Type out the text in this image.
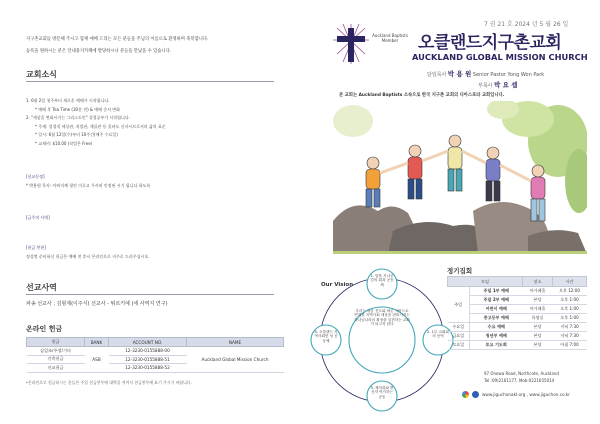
지구촌교회를 방문해 주시고 함께 예배 드리는 모든 분들을 주님의 이름으로 환영하며 축복합니다.

등록을 원하시는 분은 안내용지카페에 발당하시나 분들을 만났을 수 있습니다.

교회소식
1. 6월 2일 첫주부터 새로운 예배가 시작됩니다.
* 예배 후 Tea Time (30분 전) & 예배 순서 변화
2. "세상을 변화시키는 그리스도인" 성경공부가 시작됩니다.
* 주제: 성경적 세상관, 직업관, 재물관 등 올바도 신자시르로서의 삶의 표준
* 일시: 6월 12일(수)부터 10주간(매주 수요일)
* 교재비: $10.00 (작업은 Free)
[선교동정]
* 박용원 목사: 아버지께 평안 이루고 무사히 안정된 시기 됩니다 하도록
[금주의 사역]
[헌금 봉헌]
정성껏 준비하신 헌금은 예배 전 후시 온라인으로 지주로 드리주십시오.
선교사역
파송 선교사 : 김형제(이주식) 선교사 - 튀르키예 (세 사역지 연구)
온라인 헌금
헌금	BANK	ACCOUNT NO.	NAME
십일조/주정/기타	ASB	12-3230-0155888-00	Auckland Global Mission Church
건축헌금		12-3230-0155888-51	
선교헌금		12-3230-0155888-52	
*온라인으로 헌금하시는 분들은 주일 헌금봉투에 대략을 적어서 헌금봉투에 표기 주시기 바랍니다.
7 권 21 호 2024 년 5 월 26 일
Auckland Baptists Member	오클랜드지구촌교회
AUCKLAND GLOBAL MISSION CHURCH
담임목사 박 용 원 Senior Pastor Yong Won Park
부목사 박 요 셉
본 교회는 Auckland Baptists 소속으로 한국 지구촌 교회의 디아스포라 교회입니다.
Our Vision
우리는 복음 전도와 바른 사랑으로 연계를 지역사회 세상을 변화시키는 하나님나라의 확장을 실현하는 교회가 되고자 한다
1. 말씀 지나공감의 회복 공동체
2. 1부 교회와의 동역
3. 제자화와 변신자 여가하는 공동
4. 오클랜드 지역사회봉 성 공동체
정기집회
모임		장소	시간
주일	주일 1부 예배	아가페홀	오후 12:00
	주일 2부 예배	본당	오후 1:00
	어린이 예배	아가페홀	오후 1:00
	중고등부 예배	육영실	오후 1:00
수요일	수요 예배	본당	저녁 7:30
금요일	청년부 예배	본당	저녁 7:30
토요일	토요 기도회	본당	아침 7:00
97 Onewa Road, Northcote, Auckland
Tel :09)2161177, Mob:0221655014
www.jiguchonakl.org , www.jiguchon.co.kr
